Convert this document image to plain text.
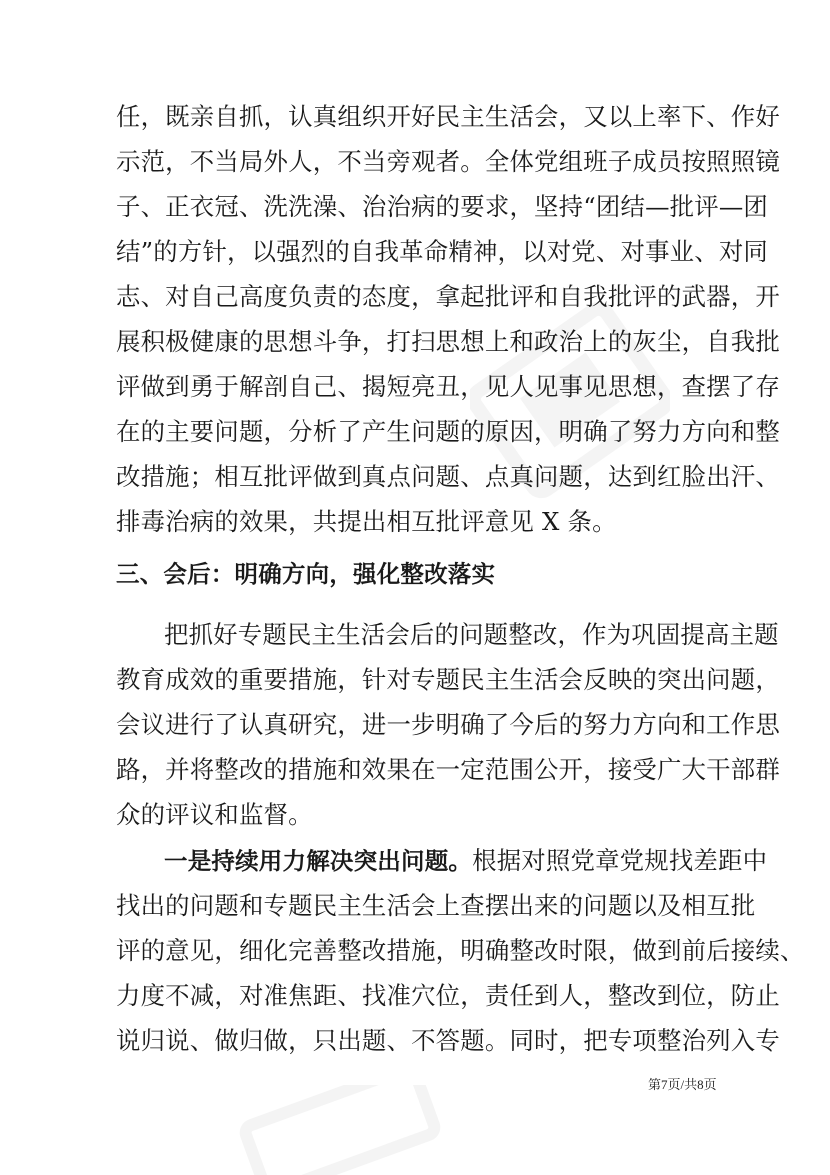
任，既亲自抓，认真组织开好民主生活会，又以上率下、作好
示范，不当局外人，不当旁观者。全体党组班子成员按照照镜
子、正衣冠、洗洗澡、治治病的要求，坚持“团结—批评—团
结”的方针，以强烈的自我革命精神，以对党、对事业、对同
志、对自己高度负责的态度，拿起批评和自我批评的武器，开
展积极健康的思想斗争，打扫思想上和政治上的灰尘，自我批
评做到勇于解剖自己、揭短亮丑，见人见事见思想，查摆了存
在的主要问题，分析了产生问题的原因，明确了努力方向和整
改措施；相互批评做到真点问题、点真问题，达到红脸出汗、
排毒治病的效果，共提出相互批评意见 X 条。
三、会后：明确方向，强化整改落实
把抓好专题民主生活会后的问题整改，作为巩固提高主题
教育成效的重要措施，针对专题民主生活会反映的突出问题，
会议进行了认真研究，进一步明确了今后的努力方向和工作思
路，并将整改的措施和效果在一定范围公开，接受广大干部群
众的评议和监督。
一是持续用力解决突出问题。根据对照党章党规找差距中
找出的问题和专题民主生活会上查摆出来的问题以及相互批
评的意见，细化完善整改措施，明确整改时限，做到前后接续、
力度不减，对准焦距、找准穴位，责任到人，整改到位，防止
说归说、做归做，只出题、不答题。同时，把专项整治列入专
第7页/共8页
